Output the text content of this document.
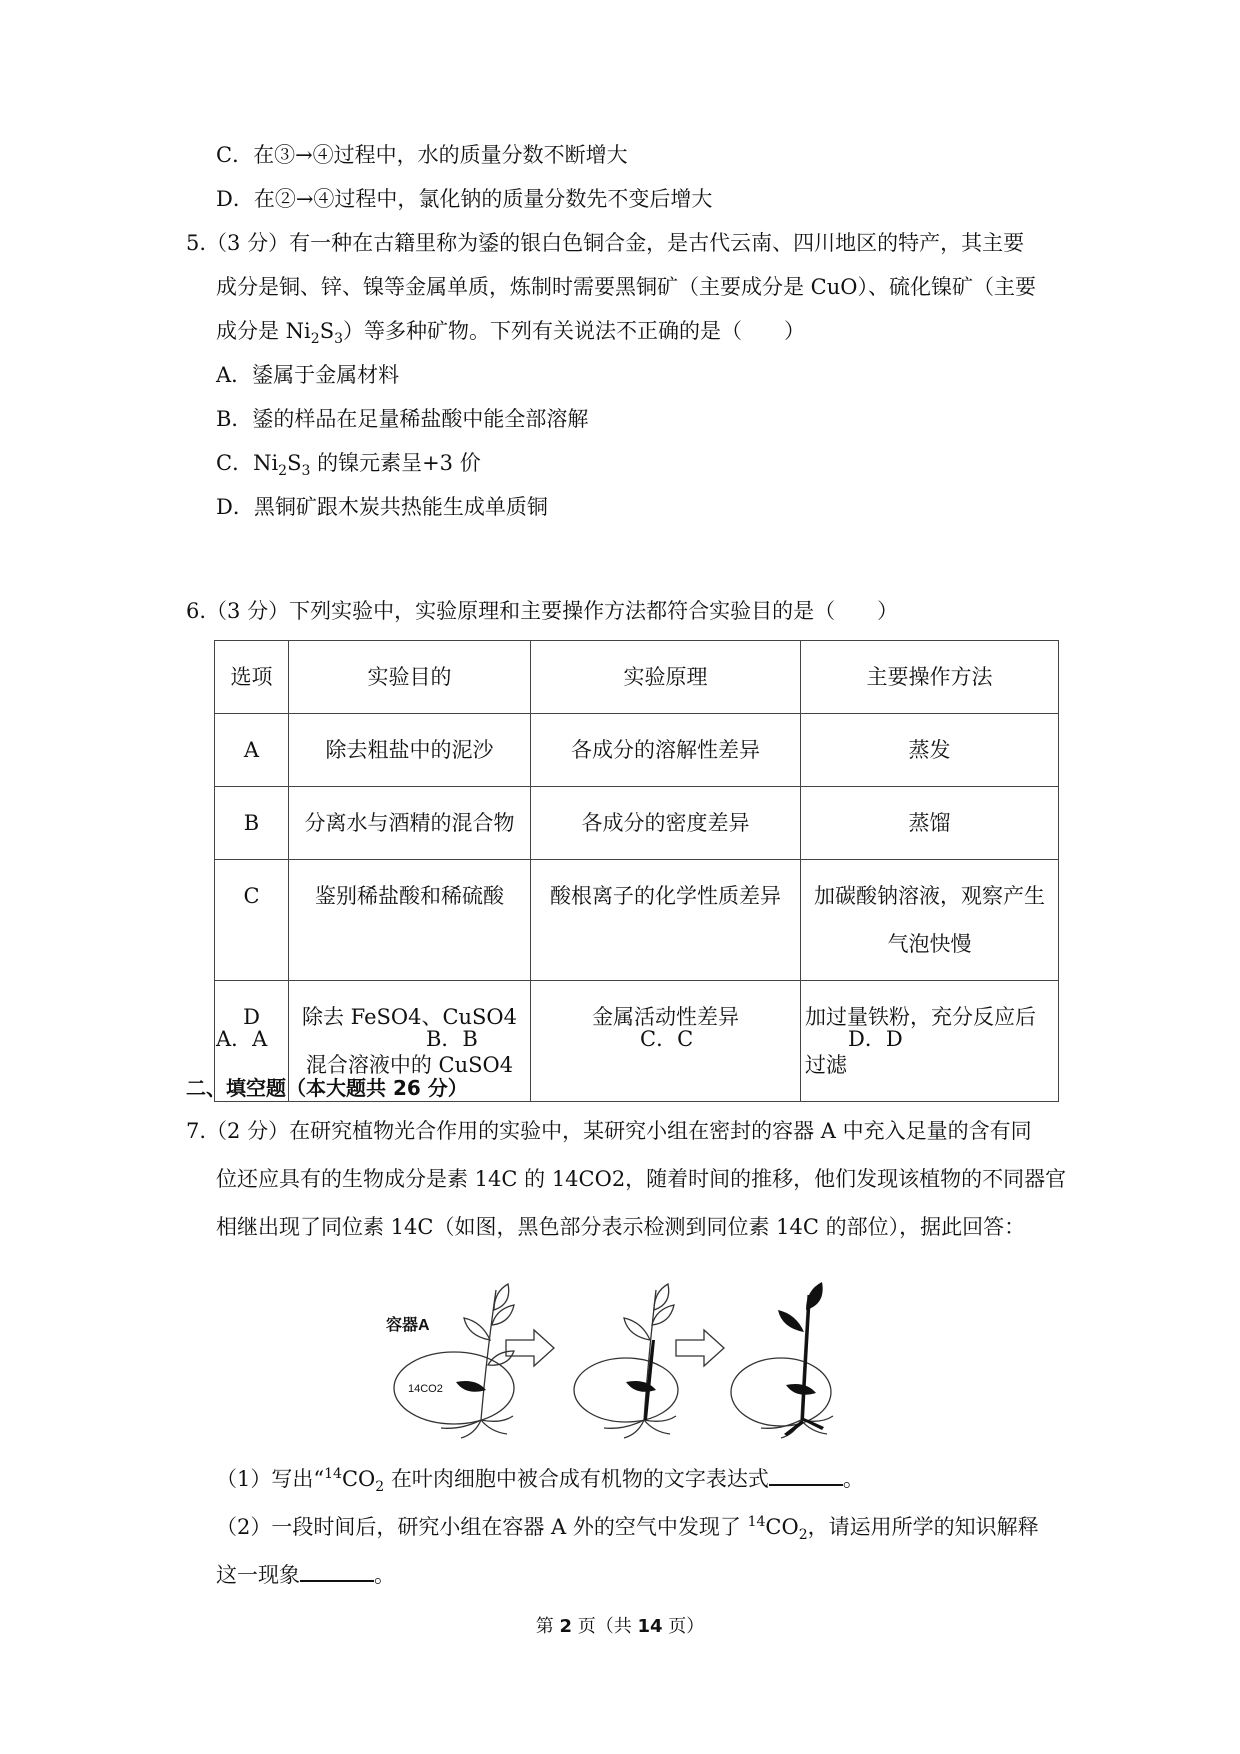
C．在③→④过程中，水的质量分数不断增大
D．在②→④过程中，氯化钠的质量分数先不变后增大
5.（3 分）有一种在古籍里称为鋈的银白色铜合金，是古代云南、四川地区的特产，其主要
成分是铜、锌、镍等金属单质，炼制时需要黑铜矿（主要成分是 CuO）、硫化镍矿（主要
成分是 $Ni_2S_3$）等多种矿物。下列有关说法不正确的是（　　）
A．鋈属于金属材料
B．鋈的样品在足量稀盐酸中能全部溶解
C．$Ni_2S_3$ 的镍元素呈+3 价
D．黑铜矿跟木炭共热能生成单质铜
6.（3 分）下列实验中，实验原理和主要操作方法都符合实验目的是（　　）
选项	实验目的	实验原理	主要操作方法
A	除去粗盐中的泥沙	各成分的溶解性差异	蒸发
B	分离水与酒精的混合物	各成分的密度差异	蒸馏
C	鉴别稀盐酸和稀硫酸	酸根离子的化学性质差异	加碳酸钠溶液，观察产生气泡快慢
D	除去 FeSO4、CuSO4 混合溶液中的 CuSO4	金属活动性差异	加过量铁粉，充分反应后过滤
A．A	B．B	C．C	D．D
二、填空题（本大题共 26 分）
7.（2 分）在研究植物光合作用的实验中，某研究小组在密封的容器 A 中充入足量的含有同
位还应具有的生物成分是素 14C 的 14CO2，随着时间的推移，他们发现该植物的不同器官
相继出现了同位素 14C（如图，黑色部分表示检测到同位素 14C 的部位），据此回答：
容器A
14CO2
（1）写出“$^{14}CO_2$ 在叶肉细胞中被合成有机物的文字表达式	。
（2）一段时间后，研究小组在容器 A 外的空气中发现了 $^{14}CO_2$，请运用所学的知识解释
这一现象	。
第 2 页（共 14 页）
